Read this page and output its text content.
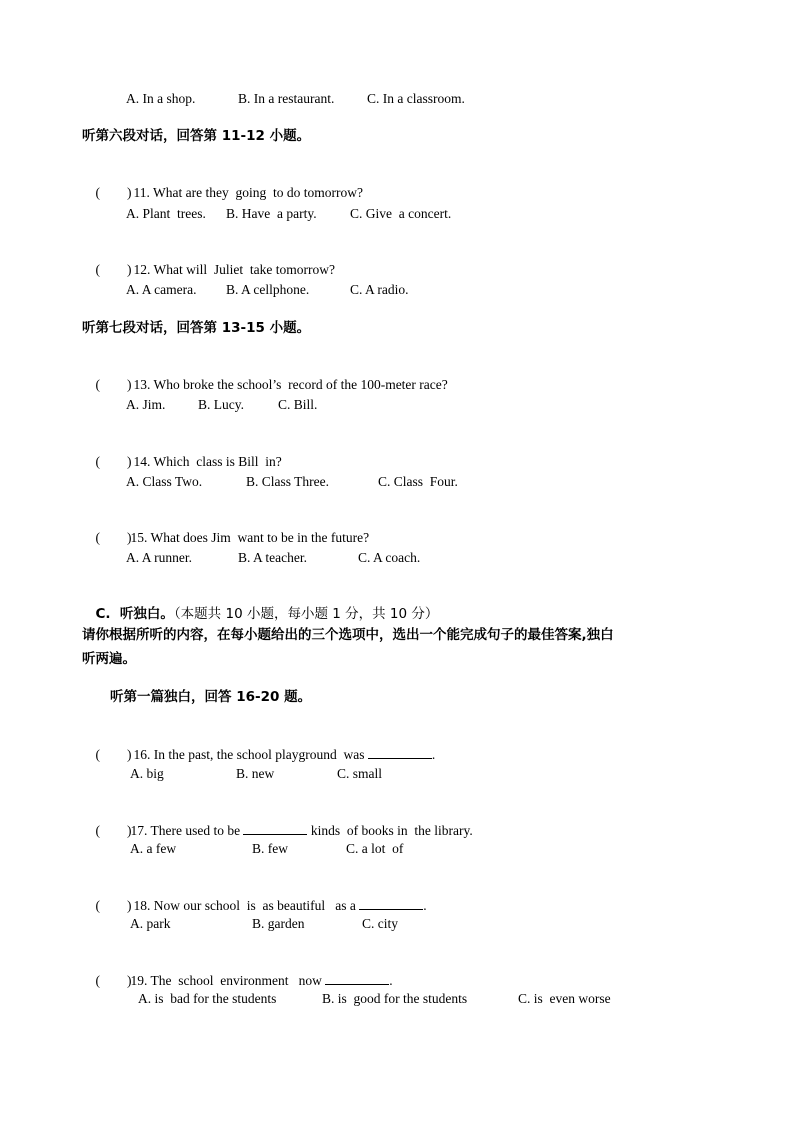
A. In a shop.	B. In a restaurant. C. In a classroom.
听第六段对话，回答第 11-12 小题。

(        ) 11. What are they  going  to do tomorrow?

A. Plant  trees. B. Have  a party. C. Give  a concert.

(        ) 12. What will  Juliet  take tomorrow?

A. A camera. B. A cellphone.	C. A radio.
听第七段对话，回答第 13-15 小题。

(        ) 13. Who broke the school’s  record of the 100-meter race?

A. Jim. B. Lucy.	C. Bill.

(        ) 14. Which  class is Bill  in?

A. Class Two.	B. Class Three.	C. Class  Four.

(        )15. What does Jim  want to be in the future?

A. A runner.	B. A teacher.	C. A coach.

C.  听独白。（本题共 10 小题，每小题 1 分，共 10 分）

请你根据所听的内容，在每小题给出的三个选项中，选出一个能完成句子的最佳答案,独白
听两遍。
听第一篇独白，回答 16-20 题。

(        ) 16. In the past, the school playground  was	.

A. big	B. new	C. small

(        )17. There used to be	kinds  of books in  the library.

A. a few	B. few	C. a lot  of

(        ) 18. Now our school  is  as beautiful   as a	.

A. park	B. garden	C. city

(        )19. The  school  environment   now	.

A. is  bad for the students	B. is  good for the students	C. is  even worse
